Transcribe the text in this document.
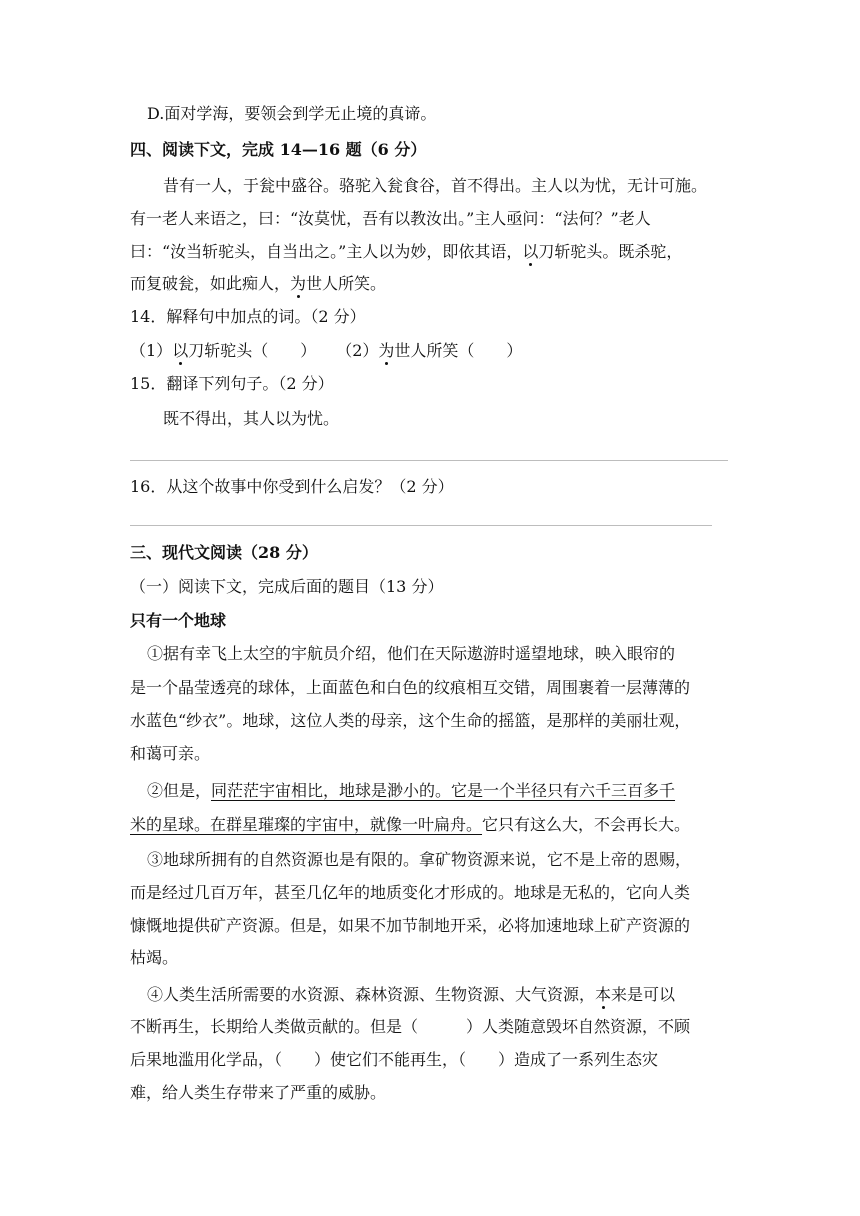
D.面对学海，要领会到学无止境的真谛。
四、阅读下文，完成 14—16 题（6 分）
昔有一人，于瓮中盛谷。骆驼入瓮食谷，首不得出。主人以为忧，无计可施。
有一老人来语之，曰：“汝莫忧，吾有以教汝出。”主人亟问：“法何？”老人
曰：“汝当斩驼头，自当出之。”主人以为妙，即依其语，以刀斩驼头。既杀驼，
而复破瓮，如此痴人，为世人所笑。
14．解释句中加点的词。（2 分）
（1）以刀斩驼头（　　） （2）为世人所笑（　　）
15．翻译下列句子。（2 分）
既不得出，其人以为忧。
16．从这个故事中你受到什么启发？（2 分）
三、现代文阅读（28 分）
（一）阅读下文，完成后面的题目（13 分）
只有一个地球
①据有幸飞上太空的宇航员介绍，他们在天际遨游时遥望地球，映入眼帘的
是一个晶莹透亮的球体，上面蓝色和白色的纹痕相互交错，周围裹着一层薄薄的
水蓝色“纱衣”。地球，这位人类的母亲，这个生命的摇篮，是那样的美丽壮观，
和蔼可亲。
②但是，同茫茫宇宙相比，地球是渺小的。它是一个半径只有六千三百多千
米的星球。在群星璀璨的宇宙中，就像一叶扁舟。它只有这么大，不会再长大。
③地球所拥有的自然资源也是有限的。拿矿物资源来说，它不是上帝的恩赐，
而是经过几百万年，甚至几亿年的地质变化才形成的。地球是无私的，它向人类
慷慨地提供矿产资源。但是，如果不加节制地开采，必将加速地球上矿产资源的
枯竭。
④人类生活所需要的水资源、森林资源、生物资源、大气资源，本来是可以
不断再生，长期给人类做贡献的。但是（　　　）人类随意毁坏自然资源，不顾
后果地滥用化学品，（　　）使它们不能再生，（　　）造成了一系列生态灾
难，给人类生存带来了严重的威胁。
